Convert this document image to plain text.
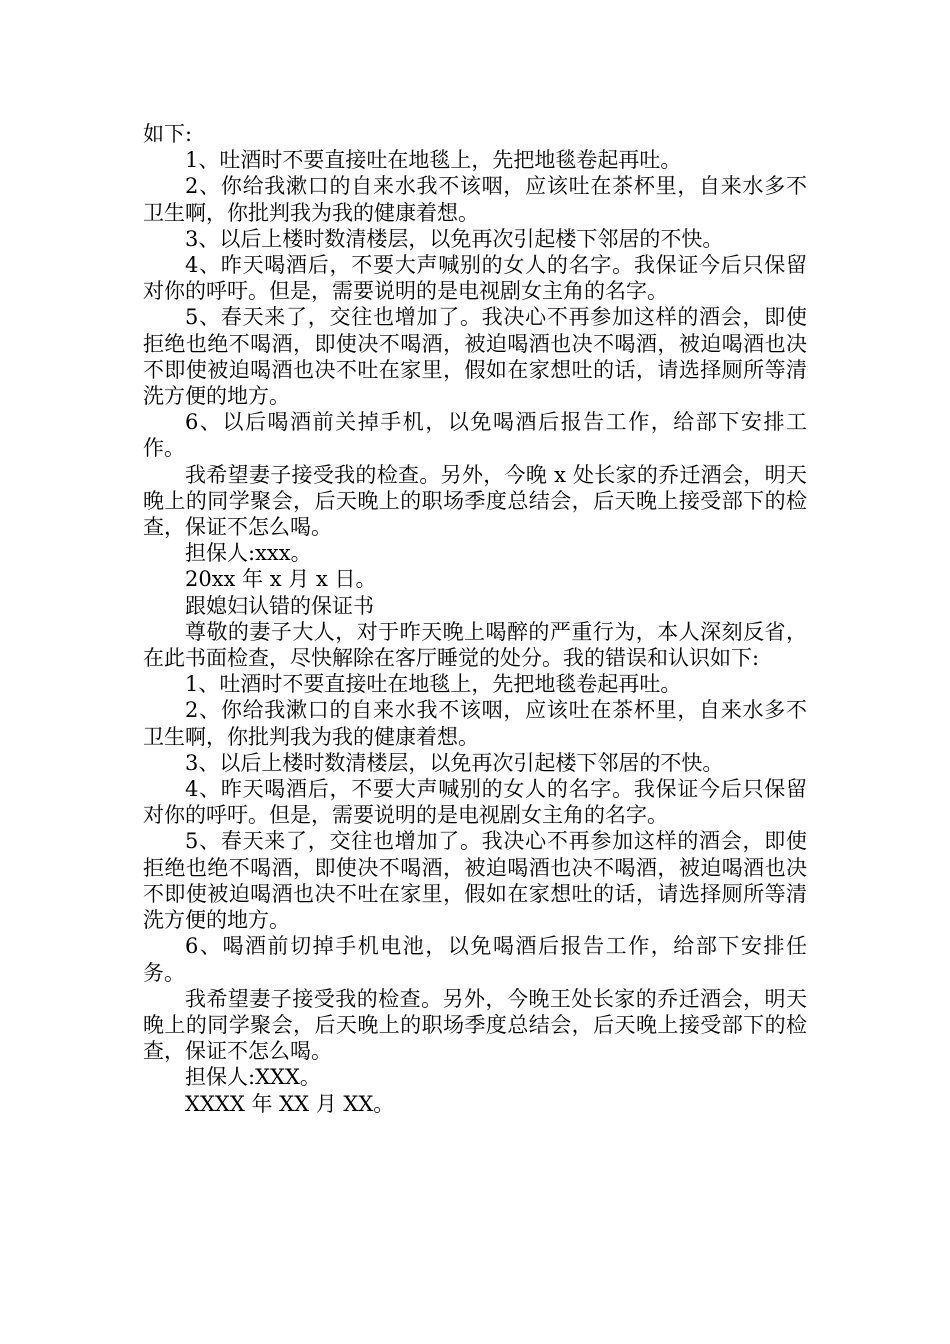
如下:

1、吐酒时不要直接吐在地毯上，先把地毯卷起再吐。

2、你给我漱口的自来水我不该咽，应该吐在茶杯里，自来水多不卫生啊，你批判我为我的健康着想。

3、以后上楼时数清楼层，以免再次引起楼下邻居的不快。

4、昨天喝酒后，不要大声喊别的女人的名字。我保证今后只保留对你的呼吁。但是，需要说明的是电视剧女主角的名字。

5、春天来了，交往也增加了。我决心不再参加这样的酒会，即使拒绝也绝不喝酒，即使决不喝酒，被迫喝酒也决不喝酒，被迫喝酒也决不即使被迫喝酒也决不吐在家里，假如在家想吐的话，请选择厕所等清洗方便的地方。

6、以后喝酒前关掉手机，以免喝酒后报告工作，给部下安排工作。

我希望妻子接受我的检查。另外，今晚 x 处长家的乔迁酒会，明天晚上的同学聚会，后天晚上的职场季度总结会，后天晚上接受部下的检查，保证不怎么喝。

担保人:xxx。

20xx 年 x 月 x 日。

跟媳妇认错的保证书

尊敬的妻子大人，对于昨天晚上喝醉的严重行为，本人深刻反省，在此书面检查，尽快解除在客厅睡觉的处分。我的错误和认识如下:

1、吐酒时不要直接吐在地毯上，先把地毯卷起再吐。

2、你给我漱口的自来水我不该咽，应该吐在茶杯里，自来水多不卫生啊，你批判我为我的健康着想。

3、以后上楼时数清楼层，以免再次引起楼下邻居的不快。

4、昨天喝酒后，不要大声喊别的女人的名字。我保证今后只保留对你的呼吁。但是，需要说明的是电视剧女主角的名字。

5、春天来了，交往也增加了。我决心不再参加这样的酒会，即使拒绝也绝不喝酒，即使决不喝酒，被迫喝酒也决不喝酒，被迫喝酒也决不即使被迫喝酒也决不吐在家里，假如在家想吐的话，请选择厕所等清洗方便的地方。

6、喝酒前切掉手机电池，以免喝酒后报告工作，给部下安排任务。

我希望妻子接受我的检查。另外，今晚王处长家的乔迁酒会，明天晚上的同学聚会，后天晚上的职场季度总结会，后天晚上接受部下的检查，保证不怎么喝。

担保人:XXX。

XXXX 年 XX 月 XX。
